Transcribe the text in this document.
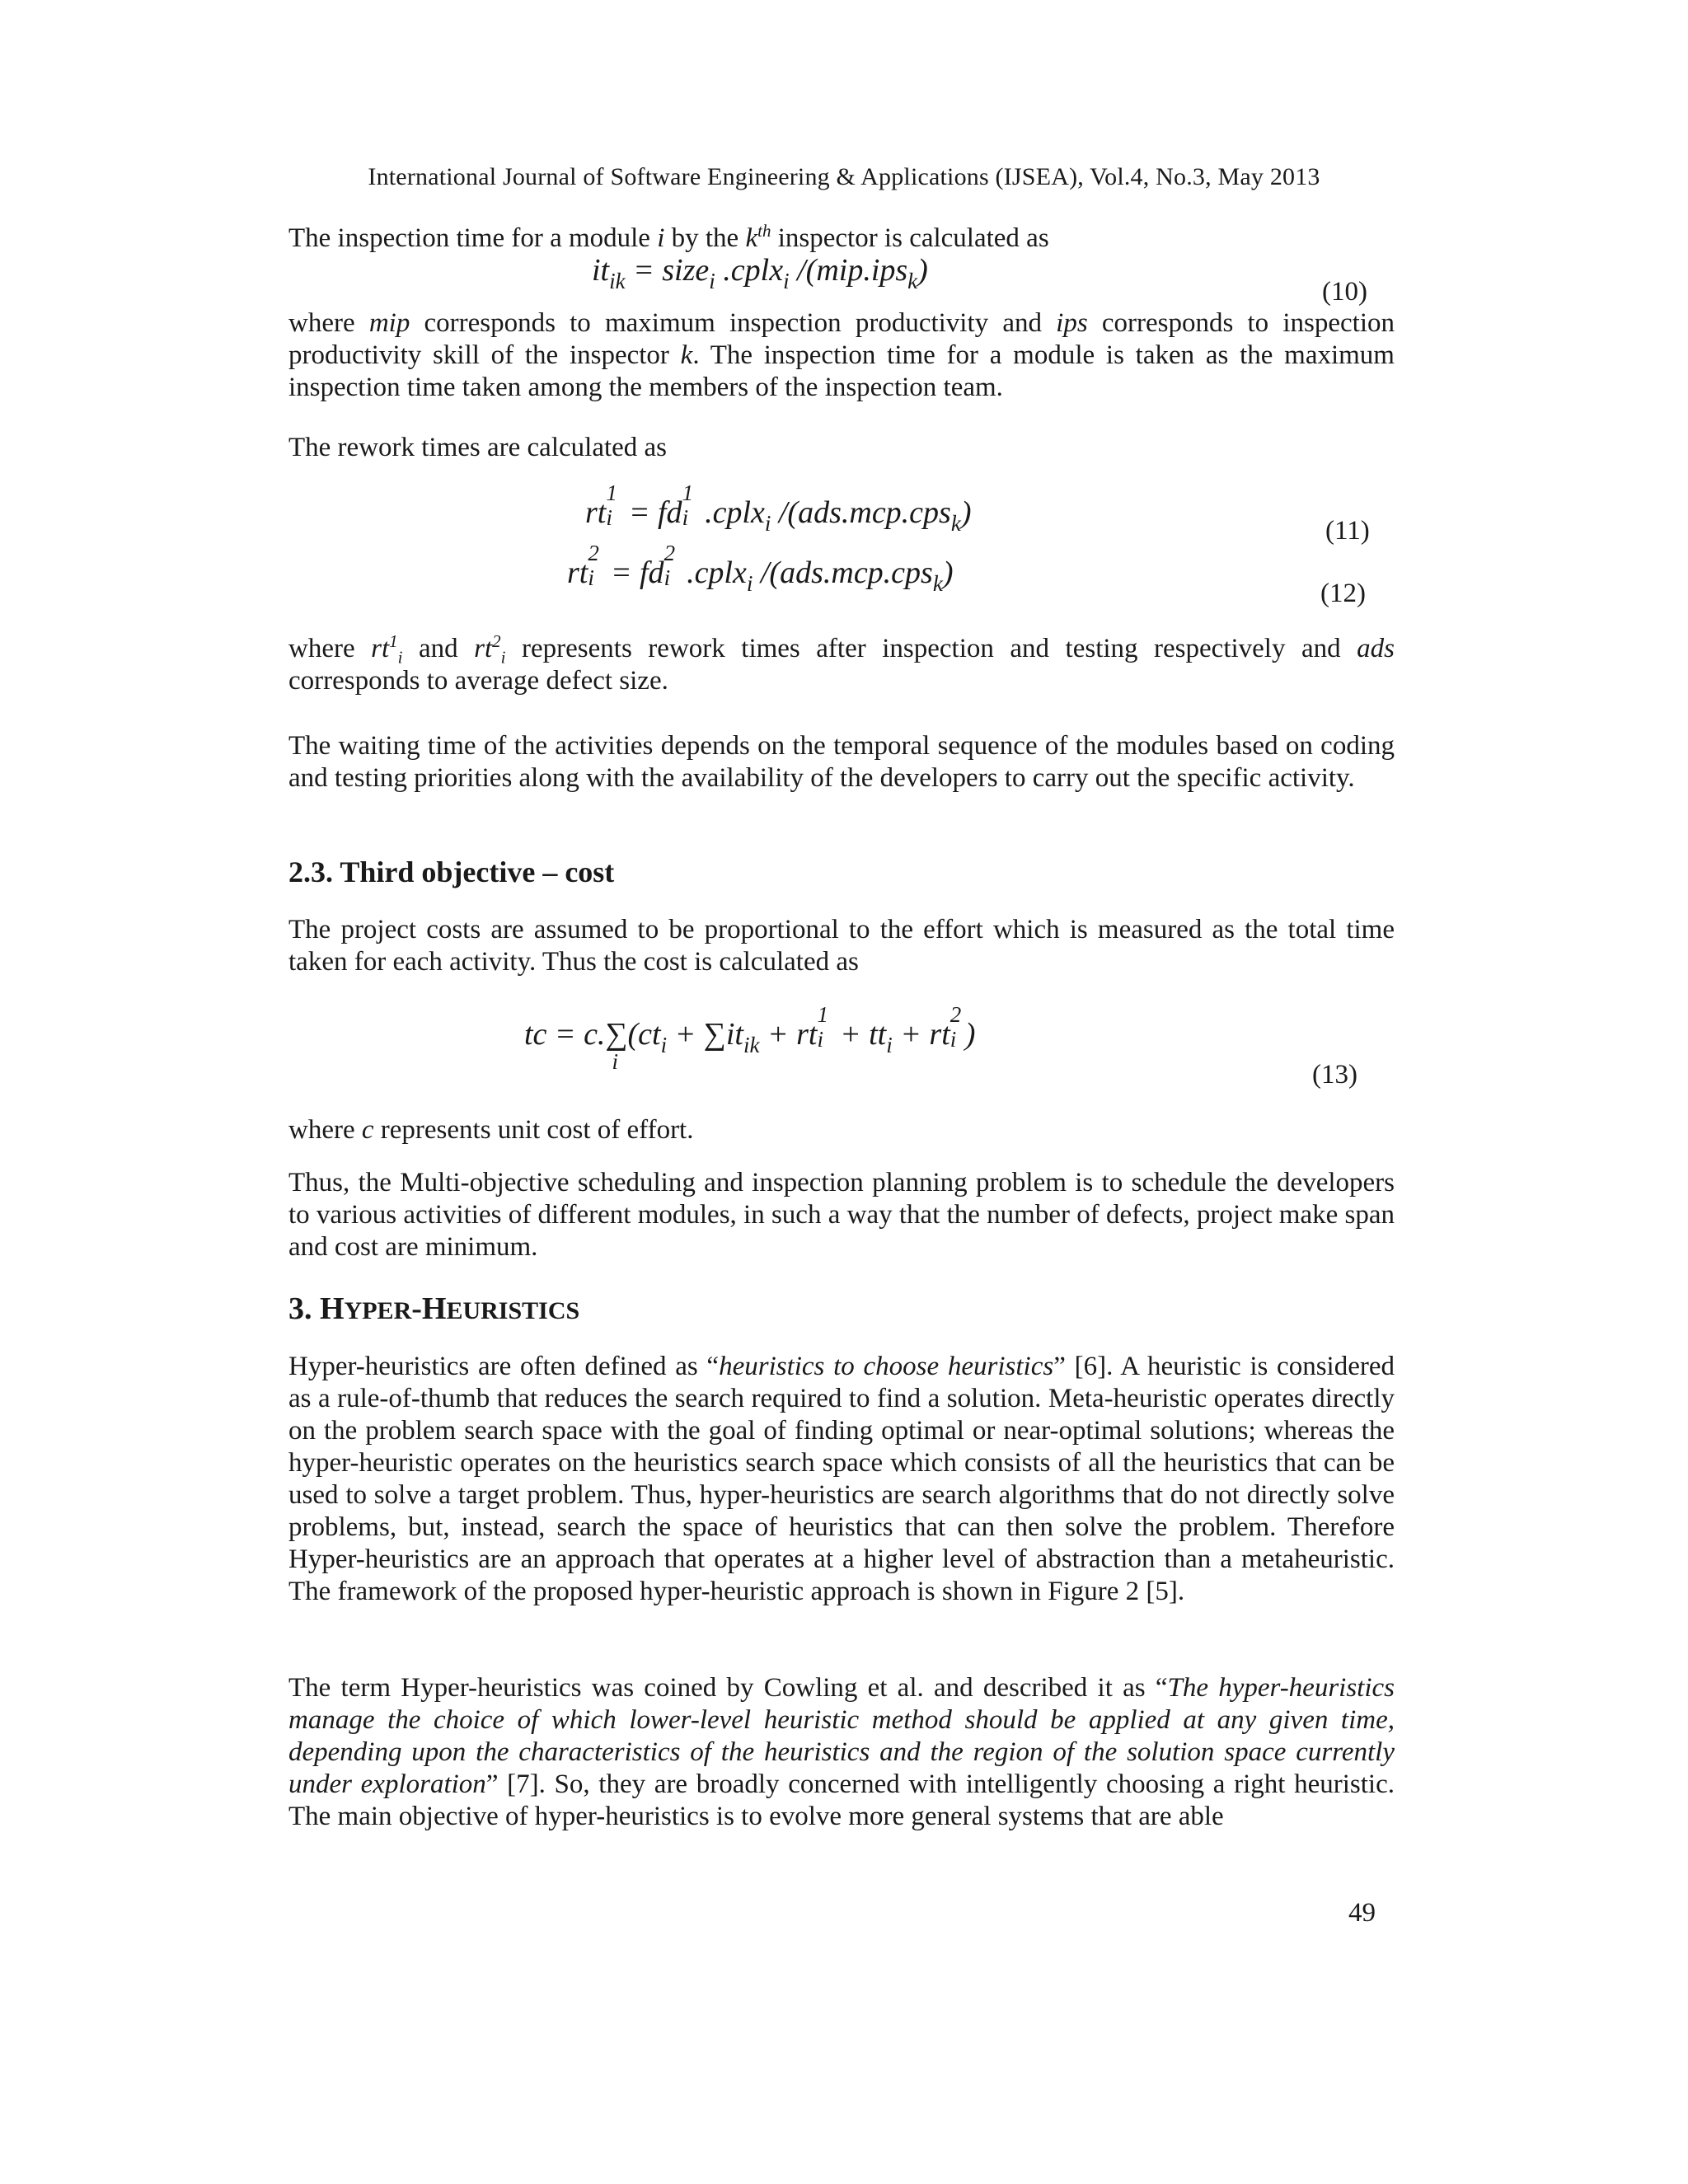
International Journal of Software Engineering & Applications (IJSEA), Vol.4, No.3, May 2013

The inspection time for a module i by the $k^{th}$ inspector is calculated as

$it_{ik}$ = size$_i$ .cplx$_i$ /(mip.ips$_k$)
(10)

where mip corresponds to maximum inspection productivity and ips corresponds to inspection productivity skill of the inspector k. The inspection time for a module is taken as the maximum inspection time taken among the members of the inspection team.

The rework times are calculated as

rt
1
i = fd
1
i .cplx$_i$ /(ads.mcp.cps$_k$)
(11)
rt
2
i = fd
2
i .cplx$_i$ /(ads.mcp.cps$_k$)
(12)

where $rt^1_i$ and $rt^2_i$ represents rework times after inspection and testing respectively and ads corresponds to average defect size.

The waiting time of the activities depends on the temporal sequence of the modules based on coding and testing priorities along with the availability of the developers to carry out the specific activity.

2.3. Third objective – cost

The project costs are assumed to be proportional to the effort which is measured as the total time taken for each activity. Thus the cost is calculated as

tc = c.∑
i
($ct_i + \sum it_{ik}$ + rt
1
$i + tt_i$ + rt
2
i )
(13)

where c represents unit cost of effort.

Thus, the Multi-objective scheduling and inspection planning problem is to schedule the developers to various activities of different modules, in such a way that the number of defects, project make span and cost are minimum.

3. HYPER-HEURISTICS

Hyper-heuristics are often defined as “heuristics to choose heuristics” [6]. A heuristic is considered as a rule-of-thumb that reduces the search required to find a solution. Meta-heuristic operates directly on the problem search space with the goal of finding optimal or near-optimal solutions; whereas the hyper-heuristic operates on the heuristics search space which consists of all the heuristics that can be used to solve a target problem. Thus, hyper-heuristics are search algorithms that do not directly solve problems, but, instead, search the space of heuristics that can then solve the problem. Therefore Hyper-heuristics are an approach that operates at a higher level of abstraction than a metaheuristic. The framework of the proposed hyper-heuristic approach is shown in Figure 2 [5].

The term Hyper-heuristics was coined by Cowling et al. and described it as “The hyper-heuristics manage the choice of which lower-level heuristic method should be applied at any given time, depending upon the characteristics of the heuristics and the region of the solution space currently under exploration” [7]. So, they are broadly concerned with intelligently choosing a right heuristic. The main objective of hyper-heuristics is to evolve more general systems that are able

49
